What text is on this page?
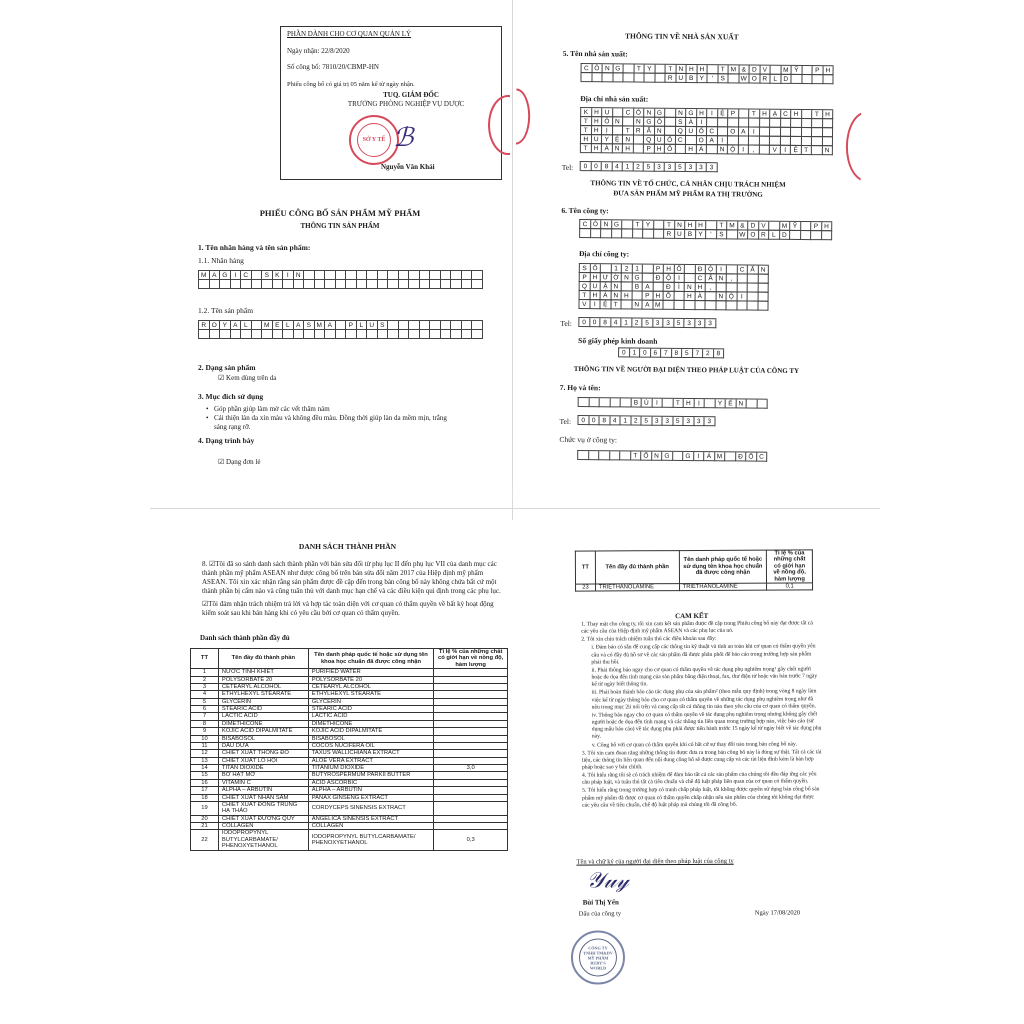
PHẦN DÀNH CHO CƠ QUAN QUẢN LÝ
Ngày nhận: 22/8/2020
Số công bố: 7810/20/CBMP-HN
Phiếu công bố có giá trị 05 năm kể từ ngày nhận.
TUQ. GIÁM ĐỐC
TRƯỞNG PHÒNG NGHIỆP VỤ DƯỢC
SỞ Y TẾ ℬ
Nguyễn Văn Khải
PHIẾU CÔNG BỐ SẢN PHẨM MỸ PHẨM
THÔNG TIN SẢN PHẨM
1. Tên nhãn hàng và tên sản phẩm:
1.1. Nhãn hàng
M A G	I	C	S K	I	N
1.2. Tên sản phẩm
R O Y A	L	M E	L	A S M A	P	L U S
2. Dạng sản phẩm
☑ Kem dùng trên da
3. Mục đích sử dụng
• Góp phần giúp làm mờ các vết thâm nám
• Cải thiện làn da xỉn màu và không đều màu. Đồng thời giúp làn da mềm mịn, trắng
sáng rạng rỡ.
4. Dạng trình bày
☑ Dạng đơn lẻ
THÔNG TIN VỀ NHÀ SẢN XUẤT
5. Tên nhà sản xuất:
C Ô N G	T Y	T N H H	T M & D V	M Ỹ	P H
R U B Y	'	S	W O R L D
Địa chỉ nhà sản xuất:
K H U	C Ô N G	N G H	I	Ệ P	T H Ạ C H	T H
T H Ô N	N G Ô	S À	I
T H	Ị	T R Ấ N	Q U Ố C	O A	I
H U Y Ệ N	Q U Ố C	O A	I
T H À N H	P H Ố	H À	N Ộ	I	,	V	I	Ệ T	N
Tel:	0	0	8	4	1	2	5	3	3	5	3	3	3
THÔNG TIN VỀ TỔ CHỨC, CÁ NHÂN CHỊU TRÁCH NHIỆM
ĐƯA SẢN PHẨM MỸ PHẨM RA THỊ TRƯỜNG
6. Tên công ty:
C Ô N G	T Y	T N H H	T M & D V	M Ỹ	P H
R U B Y	'	S	W O R L D
Địa chỉ công ty:
S Ố	1	2	1	P H Ố	Đ Ộ	I	C Ấ N
P H Ư Ờ N G	Đ Ộ	I	C Ấ N	,
Q U Ậ N	B A	Đ	Ì	N H	,
T H À N H	P H Ố	H À	N Ộ	I
V	I	Ệ T	N A M
Tel:	0	0	8	4	1	2	5	3	3	5	3	3	3
Số giấy phép kinh doanh
0	1	0	6	7	8	5	7	2	8
THÔNG TIN VỀ NGƯỜI ĐẠI DIỆN THEO PHÁP LUẬT CỦA CÔNG TY
7. Họ và tên:
B Ù	I	T H	Ị	Y Ế N
Tel:	0	0	8	4	1	2	5	3	3	5	3	3	3
Chức vụ ở công ty:
T Ổ N G	G	I	Á M	Đ Ố C
DANH SÁCH THÀNH PHẦN
8. ☑Tôi đã so sánh danh sách thành phần với bản sửa đổi từ phụ lục II đến phụ lục VII của danh mục các thành phần mỹ phẩm ASEAN như được công bố trên bản sửa đổi năm 2017 của Hiệp định mỹ phẩm ASEAN. Tôi xin xác nhận rằng sản phẩm được đề cập đến trong bản công bố này không chứa bất cứ một thành phần bị cấm nào và cũng tuân thủ với danh mục hạn chế và các điều kiện qui định trong các phụ lục.
☑Tôi đảm nhận trách nhiệm trả lời và hợp tác toàn diện với cơ quan có thẩm quyền về bất kỳ hoạt động kiểm soát sau khi bán hàng khi có yêu cầu bởi cơ quan có thẩm quyền.
Danh sách thành phần đầy đủ
TT	Tên đầy đủ thành phần	Tên danh pháp quốc tế hoặc sử dụng tên khoa học chuẩn đã được công nhận	Tỉ lệ % của những chất có giới hạn về nồng độ, hàm lượng
1	NƯỚC TINH KHIẾT	PURIFIED WATER	
2	POLYSORBATE 20	POLYSORBATE 20	
3	CETEARYL ALCOHOL	CETEARYL ALCOHOL	
4	ETHYLHEXYL STEARATE	ETHYLHEXYL STEARATE	
5	GLYCERIN	GLYCERIN	
6	STEARIC ACID	STEARIC ACID	
7	LACTIC ACID	LACTIC ACID	
8	DIMETHICONE	DIMETHICONE	
9	KOJIC ACID DIPALMITATE	KOJIC ACID DIPALMITATE	
10	BISABOSOL	BISABOSOL	
11	DẦU DỪA	COCOS NUCIFERA OIL	
12	CHIẾT XUẤT THÔNG ĐỎ	TAXUS WALLICHIANA EXTRACT	
13	CHIẾT XUẤT LÔ HỘI	ALOE VERA EXTRACT	
14	TITAN DIOXIDE	TITANIUM DIOXIDE	3,0
15	BƠ HẠT MỠ	BUTYROSPERMUM PARKII BUTTER	
16	VITAMIN C	ACID ASCORBIC	
17	ALPHA – ARBUTIN	ALPHA – ARBUTIN	
18	CHIẾT XUẤT NHÂN SÂM	PANAX GINSENG EXTRACT	
19	CHIẾT XUẤT ĐÔNG TRÙNG HẠ THẢO	CORDYCEPS SINENSIS EXTRACT	
20	CHIẾT XUẤT ĐƯƠNG QUY	ANGELICA SINENSIS EXTRACT	
21	COLLAGEN	COLLAGEN	
22	IODOPROPYNYL BUTYLCARBAMATE/ PHENOXYETHANOL	IODOPROPYNYL BUTYLCARBAMATE/ PHENOXYETHANOL	0,3
TT	Tên đầy đủ thành phần	Tên danh pháp quốc tế hoặc sử dụng tên khoa học chuẩn đã được công nhận	Tỉ lệ % của những chất có giới hạn về nồng độ, hàm lượng
23	TRIETHANOLAMINE	TRIETHANOLAMINE	0,1
CAM KẾT
1. Thay mặt cho công ty, tôi xin cam kết sản phẩm được đề cập trong Phiếu công bố này đạt được tất cả các yêu cầu của Hiệp định mỹ phẩm ASEAN và các phụ lục của nó.
2. Tôi xin chịu trách nhiệm tuân thủ các điều khoản sau đây:
i. Đảm bảo có sẵn để cung cấp các thông tin kỹ thuật và tính an toàn khi cơ quan có thẩm quyền yêu cầu và có đầy đủ hồ sơ về các sản phẩm đã được phân phối để báo cáo trong trường hợp sản phẩm phải thu hồi.
ii. Phải thông báo ngay cho cơ quan có thẩm quyền về tác dụng phụ nghiêm trọng¹ gây chết người hoặc đe dọa đến tính mạng của sản phẩm bằng điện thoại, fax, thư điện tử hoặc văn bản trước 7 ngày kể từ ngày biết thông tin.
iii. Phải hoàn thành báo cáo tác dụng phụ của sản phẩm² (theo mẫu quy định) trong vòng 8 ngày làm việc kể từ ngày thông báo cho cơ quan có thẩm quyền về những tác dụng phụ nghiêm trọng như đã nêu trong mục 2ii nói trên và cung cấp tất cả thông tin nào theo yêu cầu của cơ quan có thẩm quyền.
iv. Thông báo ngay cho cơ quan có thẩm quyền về tác dụng phụ nghiêm trọng nhưng không gây chết người hoặc đe dọa đến tính mạng và các thông tin liên quan trong trường hợp nào, việc báo cáo (sử dụng mẫu báo cáo) về tác dụng phụ phải được tiến hành trước 15 ngày kể từ ngày biết về tác dụng phụ này.
v. Công bố với cơ quan có thẩm quyền khi có bất cứ sự thay đổi nào trong bản công bố này.
3. Tôi xin cam đoan rằng những thông tin được đưa ra trong bản công bố này là đúng sự thật. Tất cả các tài liệu, các thông tin liên quan đến nội dung công bố sẽ được cung cấp và các tài liệu đính kèm là bản hợp pháp hoặc sao y bản chính.
4. Tôi hiểu rằng tôi sẽ có trách nhiệm để đảm bảo tất cả các sản phẩm của chúng tôi đều đáp ứng các yêu cầu pháp luật, và tuân thủ tất cả tiêu chuẩn và chế độ luật pháp liên quan của cơ quan có thẩm quyền.
5. Tôi hiểu rằng trong trường hợp có tranh chấp pháp luật, tôi không được quyền sử dụng bản công bố sản phẩm mỹ phẩm đã được cơ quan có thẩm quyền chấp nhận nếu sản phẩm của chúng tôi không đạt được các yêu cầu về tiêu chuẩn, chế độ luật pháp mà chúng tôi đã công bố.
Tên và chữ ký của người đại diện theo pháp luật của công ty
𝒴𝓊𝓎
Bùi Thị Yến
Dấu của công ty	Ngày 17/08/2020
CÔNG TY TNHH TM&DV MỸ PHẨM RUBY'S WORLD
